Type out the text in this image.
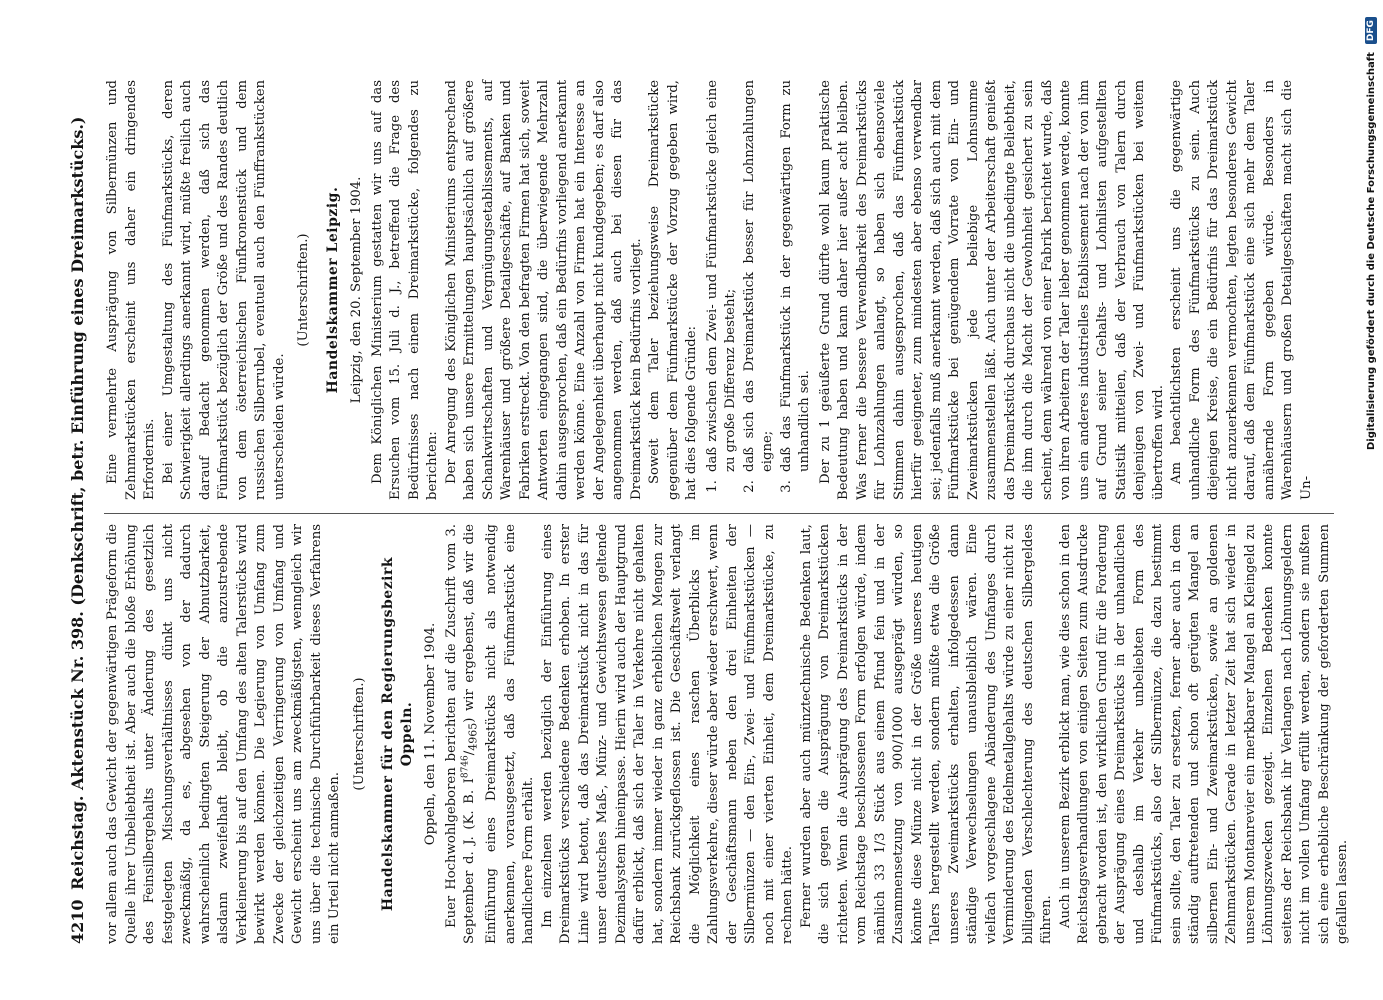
4210
Reichstag. Aktenstück Nr. 398. (Denkschrift, betr. Einführung eines Dreimarkstücks.) vor allem auch das Gewicht der gegenwärtigen Prägeform die Quelle ihrer Unbeliebtheit ist. Aber auch die bloße Erhöhung des Feinsilbergehalts unter Änderung des gesetzlich festgelegten Mischungsverhältnisses dünkt uns nicht zweckmäßig, da es, abgesehen von der dadurch wahrscheinlich bedingten Steigerung der Abnutzbarkeit, alsdann zweifelhaft bleibt, ob die anzustrebende Verkleinerung bis auf den Umfang des alten Talerstücks wird bewirkt werden können. Die Legierung von Umfang zum Zwecke der gleichzeitigen Verringerung von Umfang und Gewicht erscheint uns am zweckmäßigsten, wenngleich wir uns über die technische Durchführbarkeit dieses Verfahrens ein Urteil nicht anmaßen.

(Unterschriften.) Handelskammer für den Regierungsbezirk Oppeln. Oppeln, den 11. November 1904. Euer Hochwohlgeboren berichten auf die Zuschrift vom 3. September d. J. (K. B. $I^{8746}/_{4965}$) wir ergebenst, daß wir die Einführung eines Dreimarkstücks nicht als notwendig anerkennen, vorausgesetzt, daß das Fünfmarkstück eine handlichere Form erhält. Im einzelnen werden bezüglich der Einführung eines Dreimarkstücks verschiedene Bedenken erhoben. In erster Linie wird betont, daß das Dreimarkstück nicht in das für unser deutsches Maß-, Münz- und Gewichtswesen geltende Dezimalsystem hineinpasse. Hierin wird auch der Hauptgrund dafür erblickt, daß sich der Taler in Verkehre nicht gehalten hat, sondern immer wieder in ganz erheblichen Mengen zur Reichsbank zurückgeflossen ist. Die Geschäftswelt verlangt die Möglichkeit eines raschen Überblicks im Zahlungsverkehre, dieser würde aber wieder erschwert, wenn der Geschäftsmann neben den drei Einheiten der Silbermünzen — den Ein-, Zwei- und Fünfmarkstücken — noch mit einer vierten Einheit, dem Dreimarkstücke, zu rechnen hätte. Ferner wurden aber auch münztechnische Bedenken laut, die sich gegen die Ausprägung von Dreimarkstücken richteten. Wenn die Ausprägung des Dreimarkstücks in der vom Reichstage beschlossenen Form erfolgen würde, indem nämlich 33 1/3 Stück aus einem Pfund fein und in der Zusammensetzung von 900/1000 ausgeprägt würden, so könnte diese Münze nicht in der Größe unseres heutigen Talers hergestellt werden, sondern müßte etwa die Größe unseres Zweimarkstücks erhalten, infolgedessen dann ständige Verwechselungen unausbleiblich wären. Eine vielfach vorgeschlagene Abänderung des Umfanges durch Verminderung des Edelmetallgehalts würde zu einer nicht zu billigenden Verschlechterung des deutschen Silbergeldes führen. Auch in unserem Bezirk erblickt man, wie dies schon in den Reichstagsverhandlungen von einigen Seiten zum Ausdrucke gebracht worden ist, den wirklichen Grund für die Forderung der Ausprägung eines Dreimarkstücks in der unhandlichen und deshalb im Verkehr unbeliebten Form des Fünfmarkstücks, also der Silbermünze, die dazu bestimmt sein sollte, den Taler zu ersetzen, ferner aber auch in dem ständig auftretenden und schon oft gerügten Mangel an silbernen Ein- und Zweimarkstücken, sowie an goldenen Zehnmarkstücken. Gerade in letzter Zeit hat sich wieder in unserem Montanrevier ein merkbarer Mangel an Kleingeld zu Löhnungszwecken gezeigt. Einzelnen Bedenken konnte seitens der Reichsbank ihr Verlangen nach Löhnungsgeldern nicht im vollen Umfang erfüllt werden, sondern sie mußten sich eine erhebliche Beschränkung der geforderten Summen gefallen lassen.

Eine vermehrte Ausprägung von Silbermünzen und Zehnmarkstücken erscheint uns daher ein dringendes Erfordernis. Bei einer Umgestaltung des Fünfmarkstücks, deren Schwierigkeit allerdings anerkannt wird, müßte freilich auch darauf Bedacht genommen werden, daß sich das Fünfmarkstück bezüglich der Größe und des Randes deutlich von dem österreichischen Fünfkronenstück und dem russischen Silberrubel, eventuell auch den Fünffrankstücken unterscheiden würde.

(Unterschriften.) Handelskammer Leipzig. Leipzig, den 20. September 1904. Dem Königlichen Ministerium gestatten wir uns auf das Ersuchen vom 15. Juli d. J., betreffend die Frage des Bedürfnisses nach einem Dreimarkstücke, folgendes zu berichten: Der Anregung des Königlichen Ministeriums entsprechend haben sich unsere Ermittelungen hauptsächlich auf größere Schankwirtschaften und Vergnügungsetablissements, auf Warenhäuser und größere Detailgeschäfte, auf Banken und Fabriken erstreckt. Von den befragten Firmen hat sich, soweit Antworten eingegangen sind, die überwiegende Mehrzahl dahin ausgesprochen, daß ein Bedürfnis vorliegend anerkannt werden könne. Eine Anzahl von Firmen hat ein Interesse an der Angelegenheit überhaupt nicht kundgegeben; es darf also angenommen werden, daß auch bei diesen für das Dreimarkstück kein Bedürfnis vorliegt. Soweit dem Taler beziehungsweise Dreimarkstücke gegenüber dem Fünfmarkstücke der Vorzug gegeben wird, hat dies folgende Gründe: 1. daß zwischen dem Zwei- und Fünfmarkstücke gleich eine zu große Differenz besteht; 2. daß sich das Dreimarkstück besser für Lohnzahlungen eigne; 3. daß das Fünfmarkstück in der gegenwärtigen Form zu unhandlich sei. Der zu 1 geäußerte Grund dürfte wohl kaum praktische Bedeutung haben und kann daher hier außer acht bleiben. Was ferner die bessere Verwendbarkeit des Dreimarkstücks für Lohnzahlungen anlangt, so haben sich ebensoviele Stimmen dahin ausgesprochen, daß das Fünfmarkstück hierfür geeigneter, zum mindesten aber ebenso verwendbar sei; jedenfalls muß anerkannt werden, daß sich auch mit dem Fünfmarkstücke bei genügendem Vorrate von Ein- und Zweimarkstücken jede beliebige Lohnsumme zusammenstellen läßt. Auch unter der Arbeiterschaft genießt das Dreimarkstück durchaus nicht die unbedingte Beliebtheit, die ihm durch die Macht der Gewohnheit gesichert zu sein scheint, denn während von einer Fabrik berichtet wurde, daß von ihren Arbeitern der Taler lieber genommen werde, konnte uns ein anderes industrielles Etablissement nach der von ihm auf Grund seiner Gehalts- und Lohnlisten aufgestellten Statistik mitteilen, daß der Verbrauch von Talern durch denjenigen von Zwei- und Fünfmarkstücken bei weitem übertroffen wird. Am beachtlichsten erscheint uns die gegenwärtige unhandliche Form des Fünfmarkstücks zu sein. Auch diejenigen Kreise, die ein Bedürfnis für das Dreimarkstück nicht anzuerkennen vermochten, legten besonderes Gewicht darauf, daß dem Fünfmarkstück eine sich mehr dem Taler annähernde Form gegeben würde. Besonders in Warenhäusern und großen Detailgeschäften macht sich die Un-

Digitalisierung gefördert durch die Deutsche Forschungsgemeinschaft
DFG
